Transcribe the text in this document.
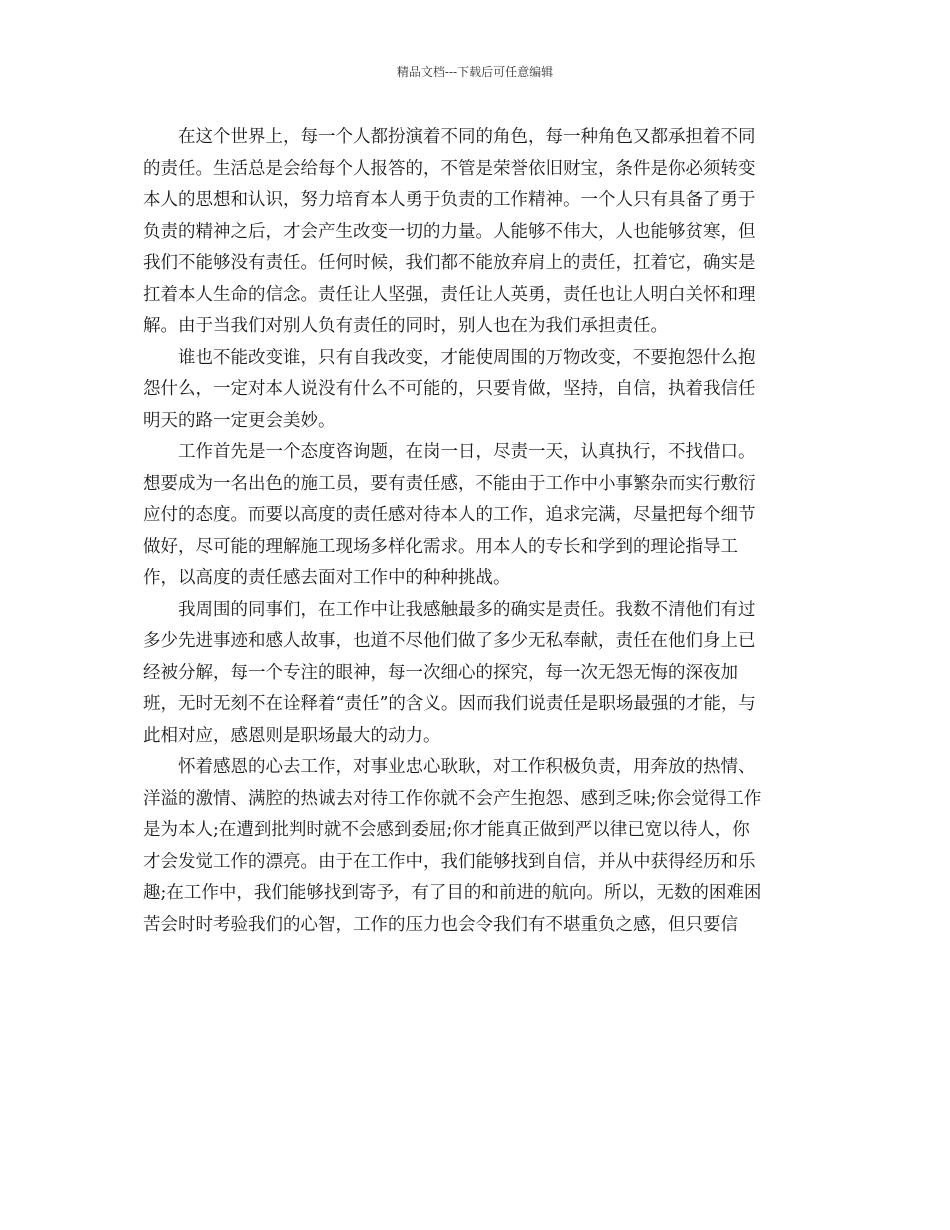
精品文档---下载后可任意编辑
在这个世界上，每一个人都扮演着不同的角色，每一种角色又都承担着不同
的责任。生活总是会给每个人报答的，不管是荣誉依旧财宝，条件是你必须转变
本人的思想和认识，努力培育本人勇于负责的工作精神。一个人只有具备了勇于
负责的精神之后，才会产生改变一切的力量。人能够不伟大，人也能够贫寒，但
我们不能够没有责任。任何时候，我们都不能放弃肩上的责任，扛着它，确实是
扛着本人生命的信念。责任让人坚强，责任让人英勇，责任也让人明白关怀和理
解。由于当我们对别人负有责任的同时，别人也在为我们承担责任。
谁也不能改变谁，只有自我改变，才能使周围的万物改变，不要抱怨什么抱
怨什么，一定对本人说没有什么不可能的，只要肯做，坚持，自信，执着我信任
明天的路一定更会美妙。
工作首先是一个态度咨询题，在岗一日，尽责一天，认真执行，不找借口。
想要成为一名出色的施工员，要有责任感，不能由于工作中小事繁杂而实行敷衍
应付的态度。而要以高度的责任感对待本人的工作，追求完满，尽量把每个细节
做好，尽可能的理解施工现场多样化需求。用本人的专长和学到的理论指导工
作，以高度的责任感去面对工作中的种种挑战。
我周围的同事们，在工作中让我感触最多的确实是责任。我数不清他们有过
多少先进事迹和感人故事，也道不尽他们做了多少无私奉献，责任在他们身上已
经被分解，每一个专注的眼神，每一次细心的探究，每一次无怨无悔的深夜加
班，无时无刻不在诠释着“责任”的含义。因而我们说责任是职场最强的才能，与
此相对应，感恩则是职场最大的动力。
怀着感恩的心去工作，对事业忠心耿耿，对工作积极负责，用奔放的热情、
洋溢的激情、满腔的热诚去对待工作你就不会产生抱怨、感到乏味;你会觉得工作
是为本人;在遭到批判时就不会感到委屈;你才能真正做到严以律已宽以待人，你
才会发觉工作的漂亮。由于在工作中，我们能够找到自信，并从中获得经历和乐
趣;在工作中，我们能够找到寄予，有了目的和前进的航向。所以，无数的困难困
苦会时时考验我们的心智，工作的压力也会令我们有不堪重负之感，但只要信
